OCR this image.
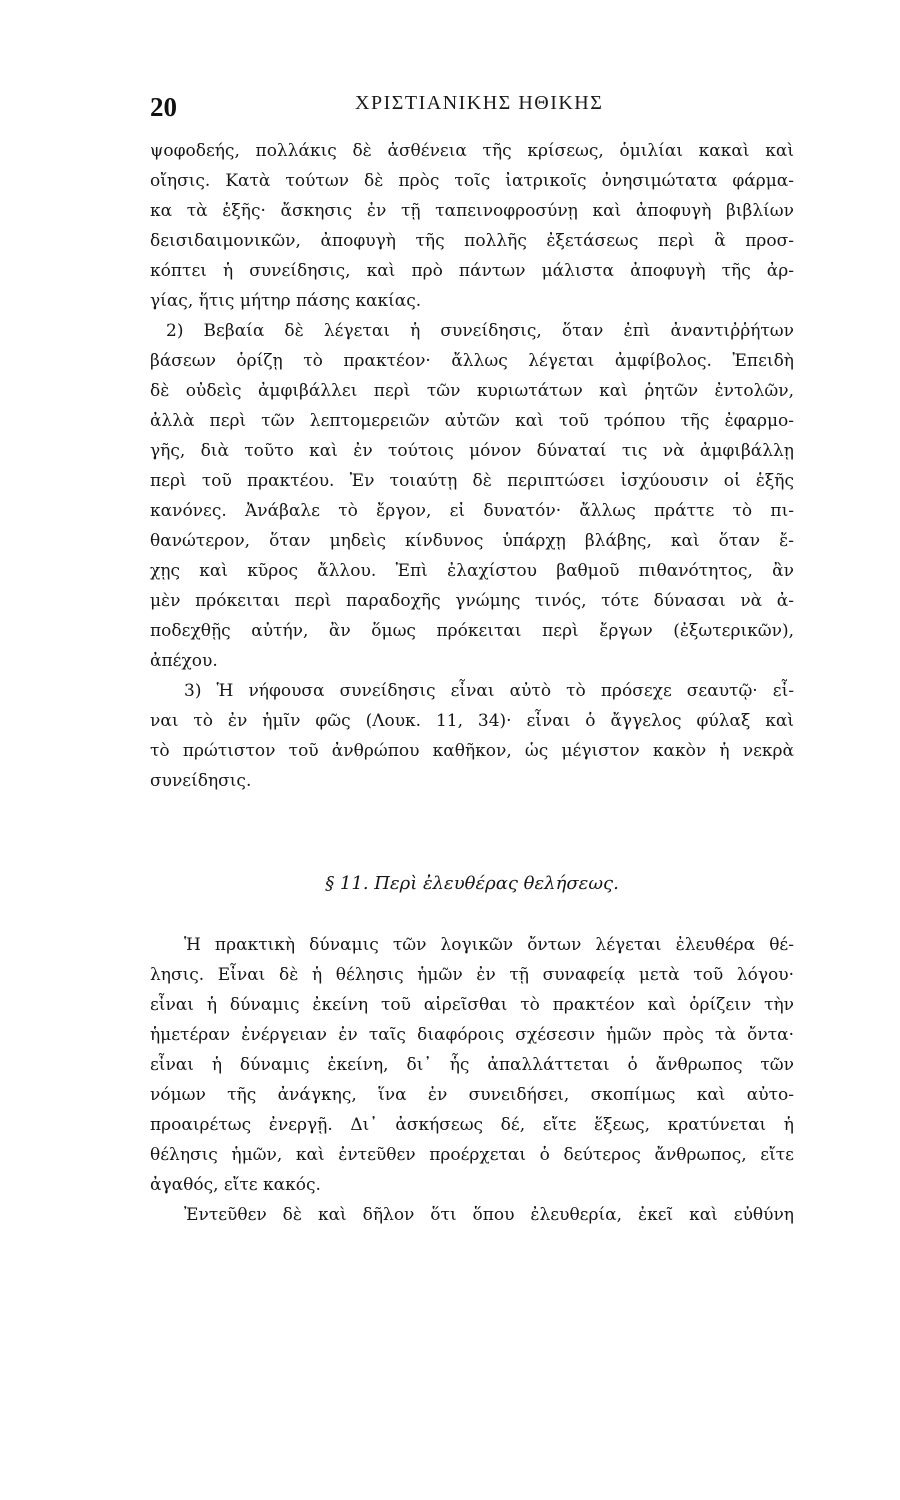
20	ΧΡΙΣΤΙΑΝΙΚΗΣ ΗΘΙΚΗΣ
ψοφοδεής, πολλάκις δὲ ἀσθένεια τῆς κρίσεως, ὁμιλίαι κακαὶ καὶ
οἴησις. Κατὰ τούτων δὲ πρὸς τοῖς ἰατρικοῖς ὀνησιμώτατα φάρμα-
κα τὰ ἑξῆς· ἄσκησις ἐν τῇ ταπεινοφροσύνῃ καὶ ἀποφυγὴ βιβλίων
δεισιδαιμονικῶν, ἀποφυγὴ τῆς πολλῆς ἐξετάσεως περὶ ἃ προσ-
κόπτει ἡ συνείδησις, καὶ πρὸ πάντων μάλιστα ἀποφυγὴ τῆς ἀρ-
γίας, ἥτις μήτηρ πάσης κακίας.
2) Βεβαία δὲ λέγεται ἡ συνείδησις, ὅταν ἐπὶ ἀναντιῤῥήτων
βάσεων ὁρίζῃ τὸ πρακτέον· ἄλλως λέγεται ἀμφίβολος. Ἐπειδὴ
δὲ οὐδεὶς ἀμφιβάλλει περὶ τῶν κυριωτάτων καὶ ῥητῶν ἐντολῶν,
ἀλλὰ περὶ τῶν λεπτομερειῶν αὐτῶν καὶ τοῦ τρόπου τῆς ἐφαρμο-
γῆς, διὰ τοῦτο καὶ ἐν τούτοις μόνον δύναταί τις νὰ ἀμφιβάλλῃ
περὶ τοῦ πρακτέου. Ἐν τοιαύτῃ δὲ περιπτώσει ἰσχύουσιν οἱ ἑξῆς
κανόνες. Ἀνάβαλε τὸ ἔργον, εἰ δυνατόν· ἄλλως πράττε τὸ πι-
θανώτερον, ὅταν μηδεὶς κίνδυνος ὑπάρχῃ βλάβης, καὶ ὅταν ἔ-
χῃς καὶ κῦρος ἄλλου. Ἐπὶ ἐλαχίστου βαθμοῦ πιθανότητος, ἂν
μὲν πρόκειται περὶ παραδοχῆς γνώμης τινός, τότε δύνασαι νὰ ἀ-
ποδεχθῇς αὐτήν, ἂν ὅμως πρόκειται περὶ ἔργων (ἐξωτερικῶν),
ἀπέχου.
3) Ἡ νήφουσα συνείδησις εἶναι αὐτὸ τὸ πρόσεχε σεαυτῷ· εἶ-
ναι τὸ ἐν ἡμῖν φῶς (Λουκ. 11, 34)· εἶναι ὁ ἄγγελος φύλαξ καὶ
τὸ πρώτιστον τοῦ ἀνθρώπου καθῆκον, ὡς μέγιστον κακὸν ἡ νεκρὰ
συνείδησις.
§ 11. Περὶ ἐλευθέρας θελήσεως.
Ἡ πρακτικὴ δύναμις τῶν λογικῶν ὄντων λέγεται ἐλευθέρα θέ-
λησις. Εἶναι δὲ ἡ θέλησις ἡμῶν ἐν τῇ συναφείᾳ μετὰ τοῦ λόγου·
εἶναι ἡ δύναμις ἐκείνη τοῦ αἱρεῖσθαι τὸ πρακτέον καὶ ὁρίζειν τὴν
ἡμετέραν ἐνέργειαν ἐν ταῖς διαφόροις σχέσεσιν ἡμῶν πρὸς τὰ ὄντα·
εἶναι ἡ δύναμις ἐκείνη, δι᾽ ἧς ἀπαλλάττεται ὁ ἄνθρωπος τῶν
νόμων τῆς ἀνάγκης, ἵνα ἐν συνειδήσει, σκοπίμως καὶ αὐτο-
προαιρέτως ἐνεργῇ. Δι᾽ ἀσκήσεως δέ, εἴτε ἕξεως, κρατύνεται ἡ
θέλησις ἡμῶν, καὶ ἐντεῦθεν προέρχεται ὁ δεύτερος ἄνθρωπος, εἴτε
ἀγαθός, εἴτε κακός.
Ἐντεῦθεν δὲ καὶ δῆλον ὅτι ὅπου ἐλευθερία, ἐκεῖ καὶ εὐθύνη
